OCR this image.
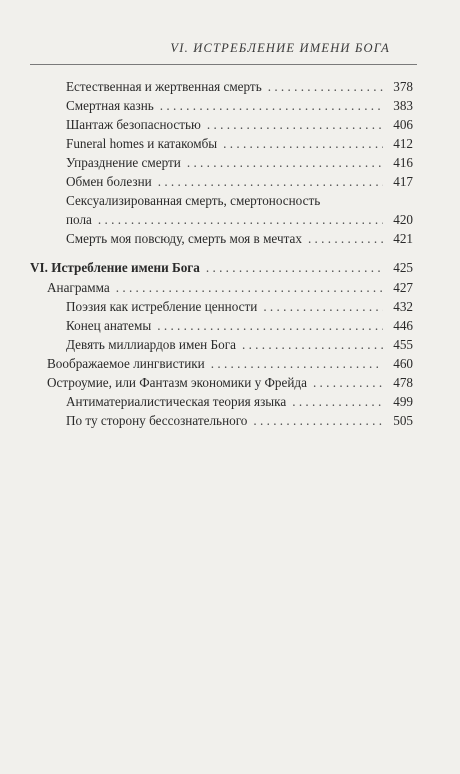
VI. ИСТРЕБЛЕНИЕ ИМЕНИ БОГА
Естественная и жертвенная смерть . . .	378
Смертная казнь . . .	383
Шантаж безопасностью . . .	406
Funeral homes и катакомбы . . .	412
Упразднение смерти . . .	416
Обмен болезни . . .	417
Сексуализированная смерть, смертоносность
пола . . .	420
Смерть моя повсюду, смерть моя в мечтах . . .	421
VI. Истребление имени Бога . . .	425
Анаграмма . . .	427
Поэзия как истребление ценности . . .	432
Конец анатемы . . .	446
Девять миллиардов имен Бога . . .	455
Воображаемое лингвистики . . .	460
Остроумие, или Фантазм экономики у Фрейда . . .	478
Антиматериалистическая теория языка . . .	499
По ту сторону бессознательного . . .	505
